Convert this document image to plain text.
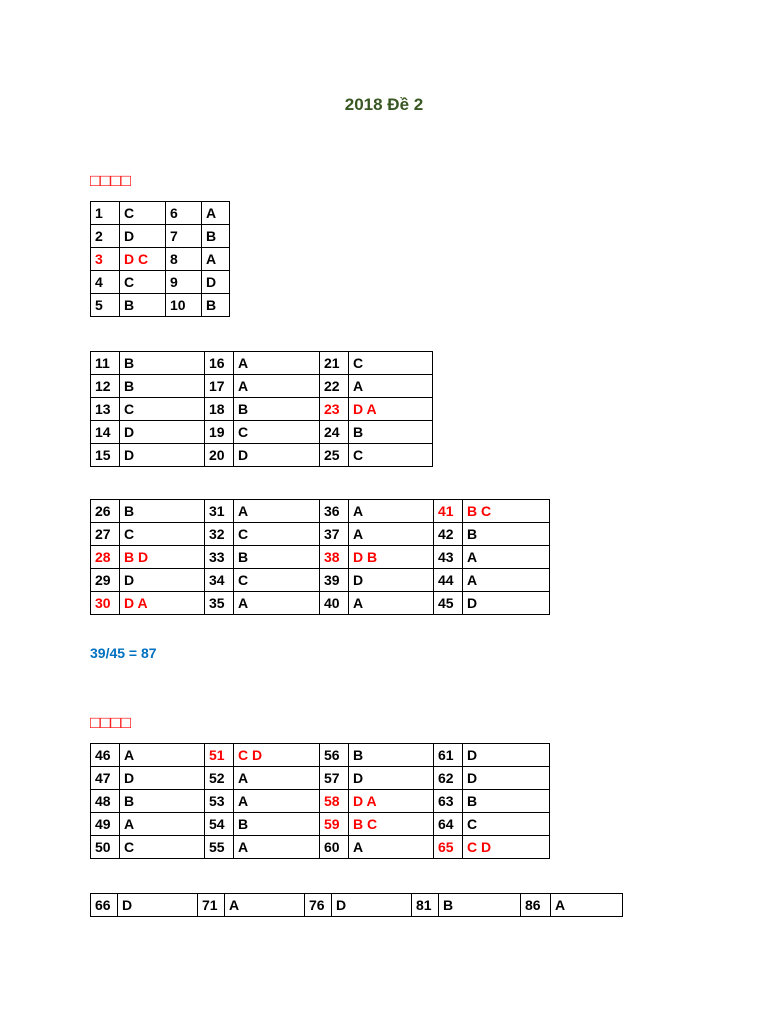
2018 Đề 2
□□□□
1	C	6	A
2	D	7	B
3	D C	8	A
4	C	9	D
5	B	10	B
11	B	16	A	21	C
12	B	17	A	22	A
13	C	18	B	23	D A
14	D	19	C	24	B
15	D	20	D	25	C
26	B	31	A	36	A	41	B C
27	C	32	C	37	A	42	B
28	B D	33	B	38	D B	43	A
29	D	34	C	39	D	44	A
30	D A	35	A	40	A	45	D
39/45 = 87
□□□□
46	A	51	C D	56	B	61	D
47	D	52	A	57	D	62	D
48	B	53	A	58	D A	63	B
49	A	54	B	59	B C	64	C
50	C	55	A	60	A	65	C D
66	D	71	A	76	D	81	B	86	A
